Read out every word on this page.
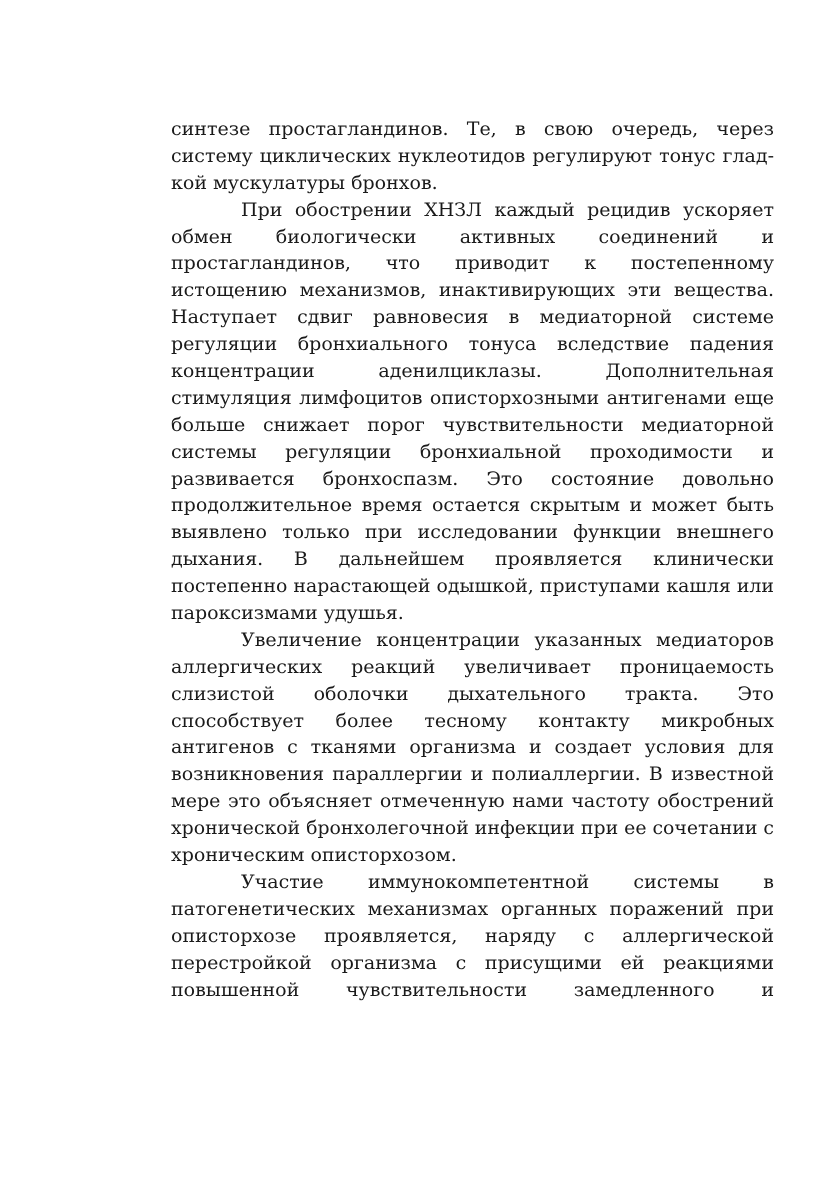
синтезе простагландинов. Те, в свою очередь, через
систему циклических нуклеотидов регулируют тонус глад-
кой мускулатуры бронхов.
При обострении ХНЗЛ каждый рецидив ускоряет
обмен биологически активных соединений и
простагландинов, что приводит к постепенному
истощению механизмов, инактивирующих эти вещества.
Наступает сдвиг равновесия в медиаторной системе
регуляции бронхиального тонуса вследствие падения
концентрации аденилциклазы. Дополнительная
стимуляция лимфоцитов описторхозными антигенами еще
больше снижает порог чувствительности медиаторной
системы регуляции бронхиальной проходимости и
развивается бронхоспазм. Это состояние довольно
продолжительное время остается скрытым и может быть
выявлено только при исследовании функции внешнего
дыхания. В дальнейшем проявляется клинически
постепенно нарастающей одышкой, приступами кашля или
пароксизмами удушья.
Увеличение концентрации указанных медиаторов
аллергических реакций увеличивает проницаемость
слизистой оболочки дыхательного тракта. Это
способствует более тесному контакту микробных
антигенов с тканями организма и создает условия для
возникновения параллергии и полиаллергии. В известной
мере это объясняет отмеченную нами частоту обострений
хронической бронхолегочной инфекции при ее сочетании с
хроническим описторхозом.
Участие иммунокомпетентной системы в
патогенетических механизмах органных поражений при
описторхозе проявляется, наряду с аллергической
перестройкой организма с присущими ей реакциями
повышенной чувствительности замедленного и
